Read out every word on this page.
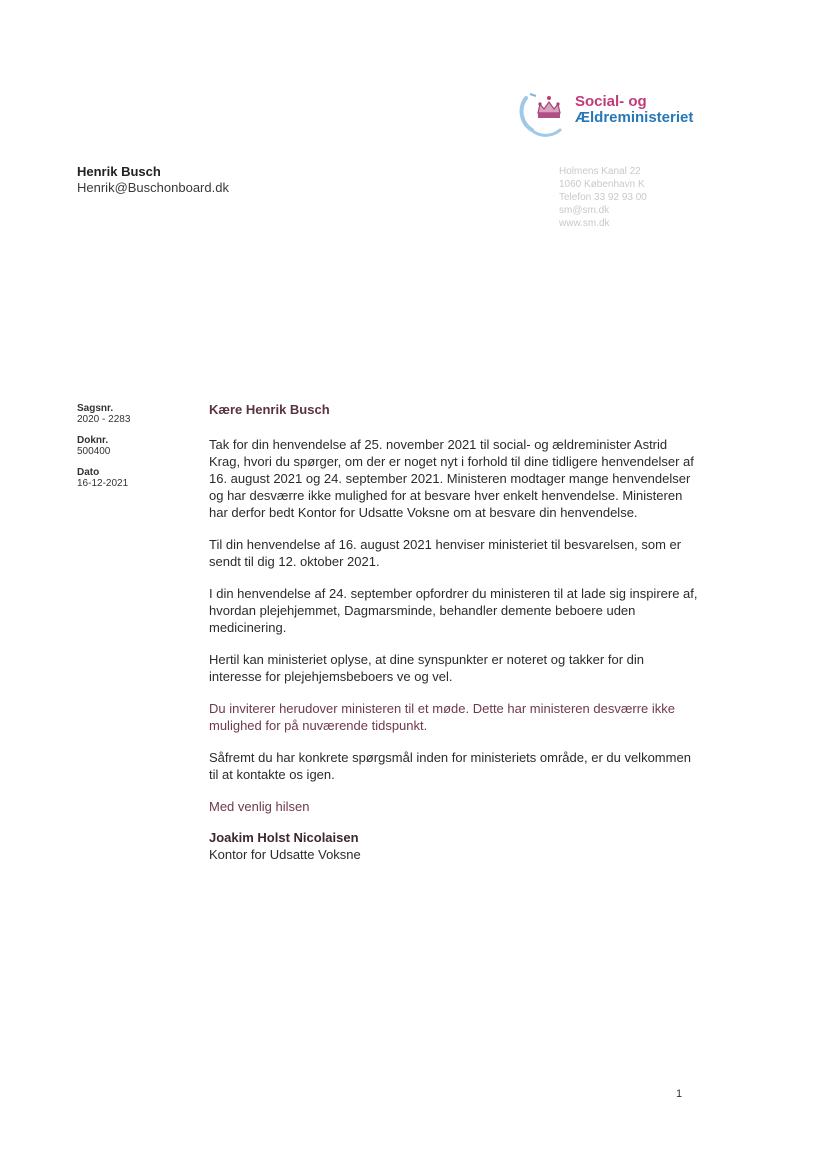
Social- og
Ældreministeriet
Henrik Busch
Henrik@Buschonboard.dk
Holmens Kanal 22
1060 København K
Telefon 33 92 93 00
sm@sm.dk
www.sm.dk
Sagsnr.
2020 - 2283
Doknr.
500400
Dato
16-12-2021
Kære Henrik Busch

Tak for din henvendelse af 25. november 2021 til social- og ældreminister Astrid Krag, hvori du spørger, om der er noget nyt i forhold til dine tidligere henvendelser af 16. august 2021 og 24. september 2021. Ministeren modtager mange henvendelser og har desværre ikke mulighed for at besvare hver enkelt henvendelse. Ministeren har derfor bedt Kontor for Udsatte Voksne om at besvare din henvendelse.

Til din henvendelse af 16. august 2021 henviser ministeriet til besvarelsen, som er sendt til dig 12. oktober 2021.

I din henvendelse af 24. september opfordrer du ministeren til at lade sig inspirere af, hvordan plejehjemmet, Dagmarsminde, behandler demente beboere uden medicinering.

Hertil kan ministeriet oplyse, at dine synspunkter er noteret og takker for din interesse for plejehjemsbeboers ve og vel.

Du inviterer herudover ministeren til et møde. Dette har ministeren desværre ikke mulighed for på nuværende tidspunkt.

Såfremt du har konkrete spørgsmål inden for ministeriets område, er du velkommen til at kontakte os igen.

Med venlig hilsen
Joakim Holst Nicolaisen
Kontor for Udsatte Voksne
1
